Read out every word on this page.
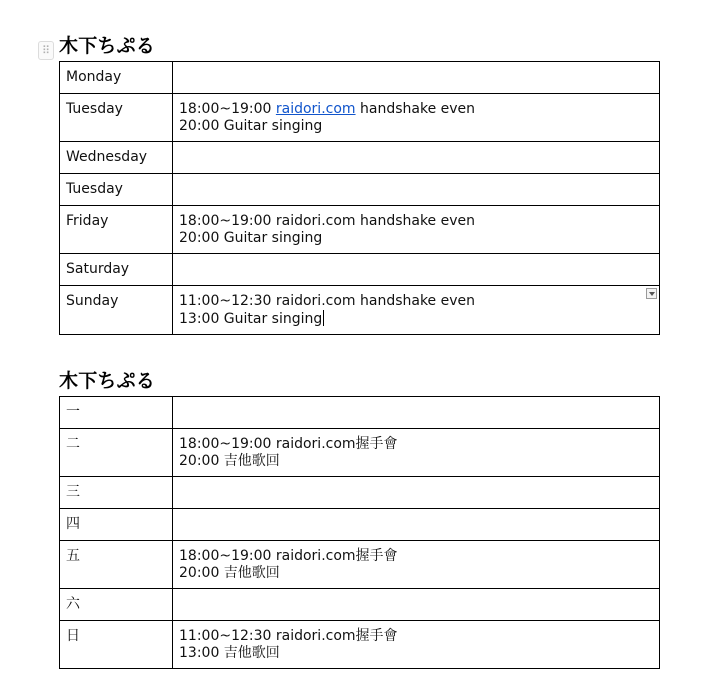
⠿ 木下ちぷる
Monday	
Tuesday	18:00~19:00 raidori.com handshake even
20:00 Guitar singing

Wednesday	
Tuesday	
Friday	18:00~19:00 raidori.com handshake even
20:00 Guitar singing

Saturday	
Sunday	11:00~12:30 raidori.com handshake even
13:00 Guitar singing
木下ちぷる
一	
二	18:00~19:00 raidori.com握手會
20:00 吉他歌回

三	
四	
五	18:00~19:00 raidori.com握手會
20:00 吉他歌回

六	
日	11:00~12:30 raidori.com握手會
13:00 吉他歌回
